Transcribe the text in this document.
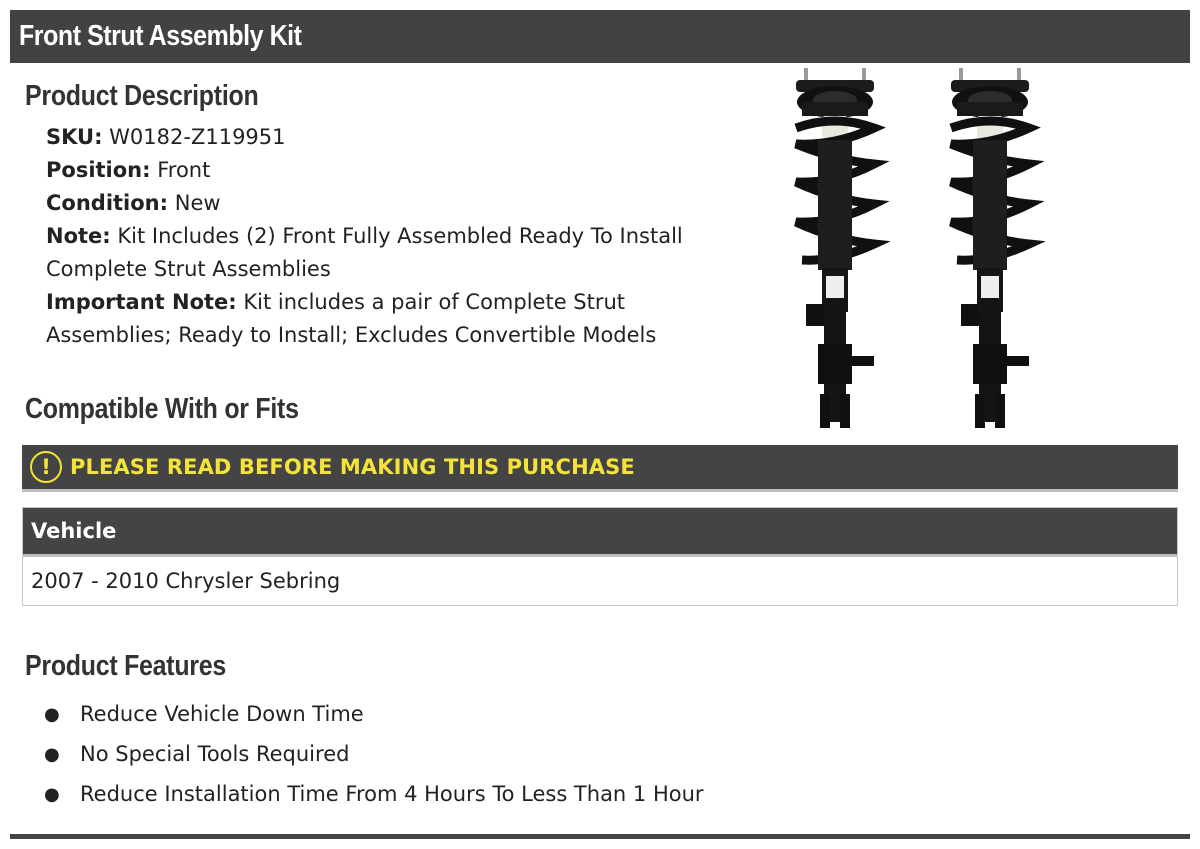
Front Strut Assembly Kit
Product Description
SKU: W0182-Z119951
Position: Front
Condition: New
Note: Kit Includes (2) Front Fully Assembled Ready To Install Complete Strut Assemblies
Important Note: Kit includes a pair of Complete Strut Assemblies; Ready to Install; Excludes Convertible Models
Compatible With or Fits
! PLEASE READ BEFORE MAKING THIS PURCHASE
Vehicle
2007 - 2010 Chrysler Sebring
Product Features
● Reduce Vehicle Down Time
● No Special Tools Required
● Reduce Installation Time From 4 Hours To Less Than 1 Hour
